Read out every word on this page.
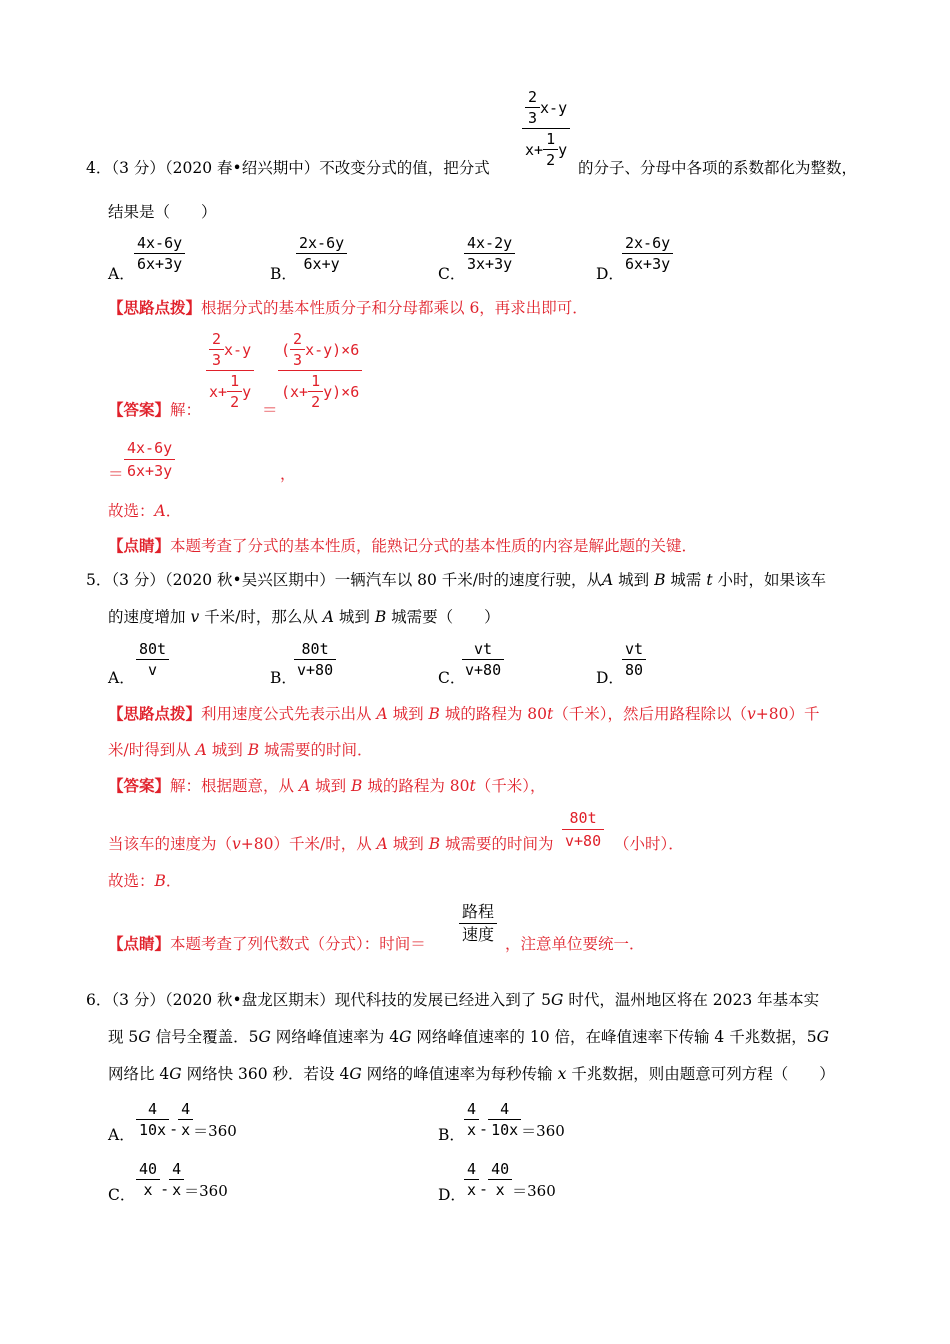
4．（3 分）（2020 春•绍兴期中）不改变分式的值，把分式 $\frac{\frac{2}{3} x-y}{x+ \frac{1}{2} y}$ 的分子、分母中各项的系数都化为整数，
结果是（　　）
A．
$\frac{4x-6y}{6x+3y}$
B．
$\frac{2x-6y}{6x+y}$
C．
$\frac{4x-2y}{3x+3y}$
D．
$\frac{2x-6y}{6x+3y}$
【思路点拨】根据分式的基本性质分子和分母都乘以 6，再求出即可．
【答案】解： $\frac{\frac{2}{3} x-y}{x+ \frac{1}{2} y} = \frac{( \frac{2}{3} x-y )\times 6}{( x+ \frac{1}{2} y )\times 6}$
＝ $\frac{4x-6y}{6x+3y}$	，
故选：A．
【点睛】本题考查了分式的基本性质，能熟记分式的基本性质的内容是解此题的关键．
5．（3 分）（2020 秋•吴兴区期中）一辆汽车以 80 千米/时的速度行驶，从A 城到 B 城需 t 小时，如果该车
的速度增加 v 千米/时，那么从 A 城到 B 城需要（　　）
A． $\frac{80t}{v}$	B．
$\frac{80t}{v+80}$	C．
$\frac{vt}{v+80}$	D．
$\frac{vt}{80}$
【思路点拨】利用速度公式先表示出从 A 城到 B 城的路程为 80t（千米），然后用路程除以（v+80）千
米/时得到从 A 城到 B 城需要的时间．
【答案】解：根据题意，从 A 城到 B 城的路程为 80t（千米），
当该车的速度为（v+80）千米/时，从 A 城到 B 城需要的时间为 $\frac{80t}{v+80}$ （小时）．
故选：B．
【点睛】本题考查了列代数式（分式）：时间＝ $\frac{\text{路程}}{\text{速度}}$ ，注意单位要统一．
6．（3 分）（2020 秋•盘龙区期末）现代科技的发展已经进入到了 5G 时代，温州地区将在 2023 年基本实
现 5G 信号全覆盖．5G 网络峰值速率为 4G 网络峰值速率的 10 倍，在峰值速率下传输 4 千兆数据，5G
网络比 4G 网络快 360 秒．若设 4G 网络的峰值速率为每秒传输 x 千兆数据，则由题意可列方程（　　）
A． $\frac{4}{10x} - \frac{4}{x} =360$	B． $\frac{4}{x} - \frac{4}{10x} =360$
C． $\frac{40}{x} - \frac{4}{x} =360$	D．
$\frac{4}{x} - \frac{40}{x} =360$
